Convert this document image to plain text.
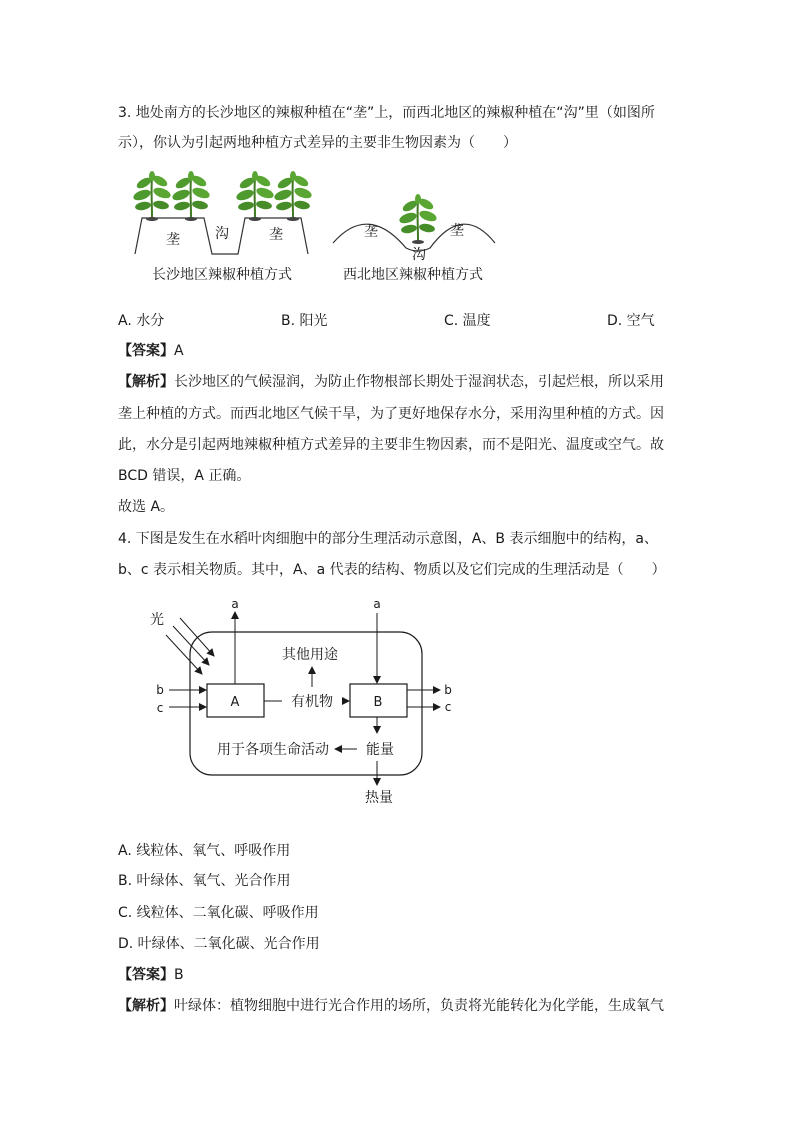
3. 地处南方的长沙地区的辣椒种植在“垄”上，而西北地区的辣椒种植在“沟”里（如图所
示），你认为引起两地种植方式差异的主要非生物因素为（　　）
垄	沟	垄
长沙地区辣椒种植方式
垄	垄
沟
西北地区辣椒种植方式
A. 水分	B. 阳光	C. 温度	D. 空气
【答案】A
【解析】长沙地区的气候湿润，为防止作物根部长期处于湿润状态，引起烂根，所以采用
垄上种植的方式。而西北地区气候干旱，为了更好地保存水分，采用沟里种植的方式。因
此，水分是引起两地辣椒种植方式差异的主要非生物因素，而不是阳光、温度或空气。故
BCD 错误，A 正确。
故选 A。
4. 下图是发生在水稻叶肉细胞中的部分生理活动示意图，A、B 表示细胞中的结构，a、
b、c 表示相关物质。其中，A、a 代表的结构、物质以及它们完成的生理活动是（　　）
光
A
a
b
c	有机物
其他用途
B
a
b
c
能量
用于各项生命活动
热量
A. 线粒体、氧气、呼吸作用
B. 叶绿体、氧气、光合作用
C. 线粒体、二氧化碳、呼吸作用
D. 叶绿体、二氧化碳、光合作用
【答案】B
【解析】叶绿体：植物细胞中进行光合作用的场所，负责将光能转化为化学能，生成氧气
